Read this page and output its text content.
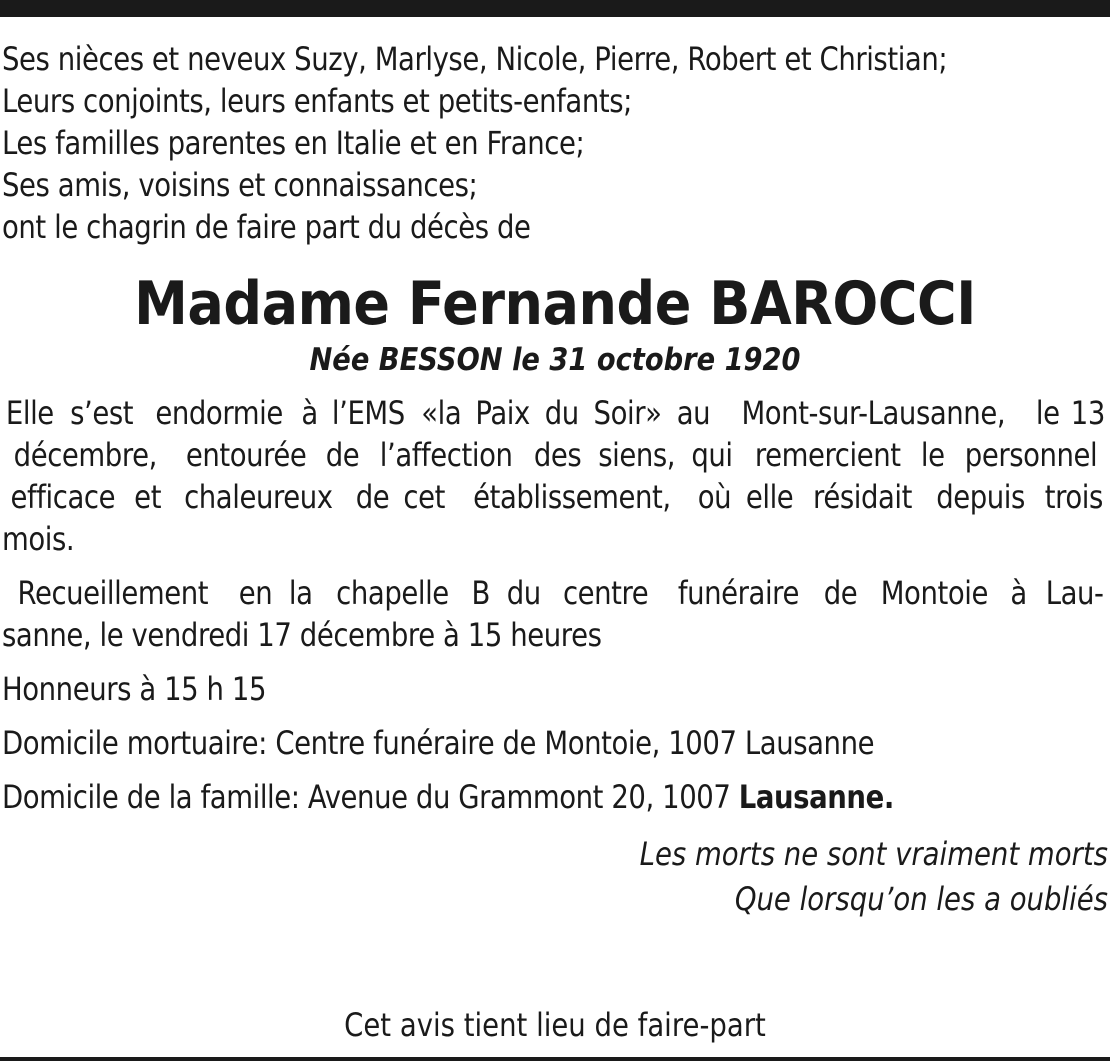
Ses nièces et neveux Suzy, Marlyse, Nicole, Pierre, Robert et Christian;
Leurs conjoints, leurs enfants et petits-enfants;
Les familles parentes en Italie et en France;
Ses amis, voisins et connaissances;
ont le chagrin de faire part du décès de
Madame Fernande BAROCCI
Née BESSON le 31 octobre 1920
Elle s’est endormie à l’EMS «la Paix du Soir» au Mont-sur-Lausanne, le 13
décembre, entourée de l’affection des siens, qui remercient le personnel
efficace et chaleureux de cet établissement, où elle résidait depuis trois
mois.
Recueillement en la chapelle B du centre funéraire de Montoie à Lau-
sanne, le vendredi 17 décembre à 15 heures
Honneurs à 15 h 15
Domicile mortuaire: Centre funéraire de Montoie, 1007 Lausanne
Domicile de la famille: Avenue du Grammont 20, 1007 Lausanne.
Les morts ne sont vraiment morts
Que lorsqu’on les a oubliés
Cet avis tient lieu de faire-part
